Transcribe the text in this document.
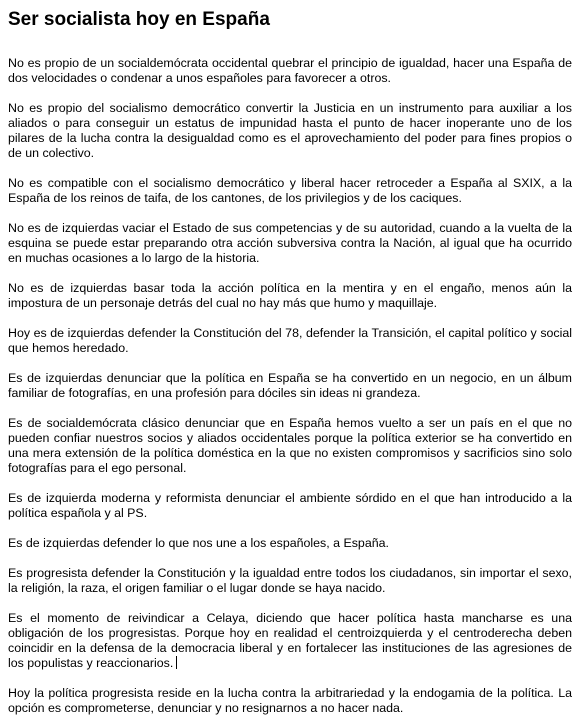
Ser socialista hoy en España

No es propio de un socialdemócrata occidental quebrar el principio de igualdad, hacer una España de dos velocidades o condenar a unos españoles para favorecer a otros.

No es propio del socialismo democrático convertir la Justicia en un instrumento para auxiliar a los aliados o para conseguir un estatus de impunidad hasta el punto de hacer inoperante uno de los pilares de la lucha contra la desigualdad como es el aprovechamiento del poder para fines propios o de un colectivo.

No es compatible con el socialismo democrático y liberal hacer retroceder a España al SXIX, a la España de los reinos de taifa, de los cantones, de los privilegios y de los caciques.

No es de izquierdas vaciar el Estado de sus competencias y de su autoridad, cuando a la vuelta de la esquina se puede estar preparando otra acción subversiva contra la Nación, al igual que ha ocurrido en muchas ocasiones a lo largo de la historia.

No es de izquierdas basar toda la acción política en la mentira y en el engaño, menos aún la impostura de un personaje detrás del cual no hay más que humo y maquillaje.

Hoy es de izquierdas defender la Constitución del 78, defender la Transición, el capital político y social que hemos heredado.

Es de izquierdas denunciar que la política en España se ha convertido en un negocio, en un álbum familiar de fotografías, en una profesión para dóciles sin ideas ni grandeza.

Es de socialdemócrata clásico denunciar que en España hemos vuelto a ser un país en el que no pueden confiar nuestros socios y aliados occidentales porque la política exterior se ha convertido en una mera extensión de la política doméstica en la que no existen compromisos y sacrificios sino solo fotografías para el ego personal.

Es de izquierda moderna y reformista denunciar el ambiente sórdido en el que han introducido a la política española y al PS.

Es de izquierdas defender lo que nos une a los españoles, a España.

Es progresista defender la Constitución y la igualdad entre todos los ciudadanos, sin importar el sexo, la religión, la raza, el origen familiar o el lugar donde se haya nacido.

Es el momento de reivindicar a Celaya, diciendo que hacer política hasta mancharse es una obligación de los progresistas. Porque hoy en realidad el centroizquierda y el centroderecha deben coincidir en la defensa de la democracia liberal y en fortalecer las instituciones de las agresiones de los populistas y reaccionarios.

Hoy la política progresista reside en la lucha contra la arbitrariedad y la endogamia de la política. La opción es comprometerse, denunciar y no resignarnos a no hacer nada.
